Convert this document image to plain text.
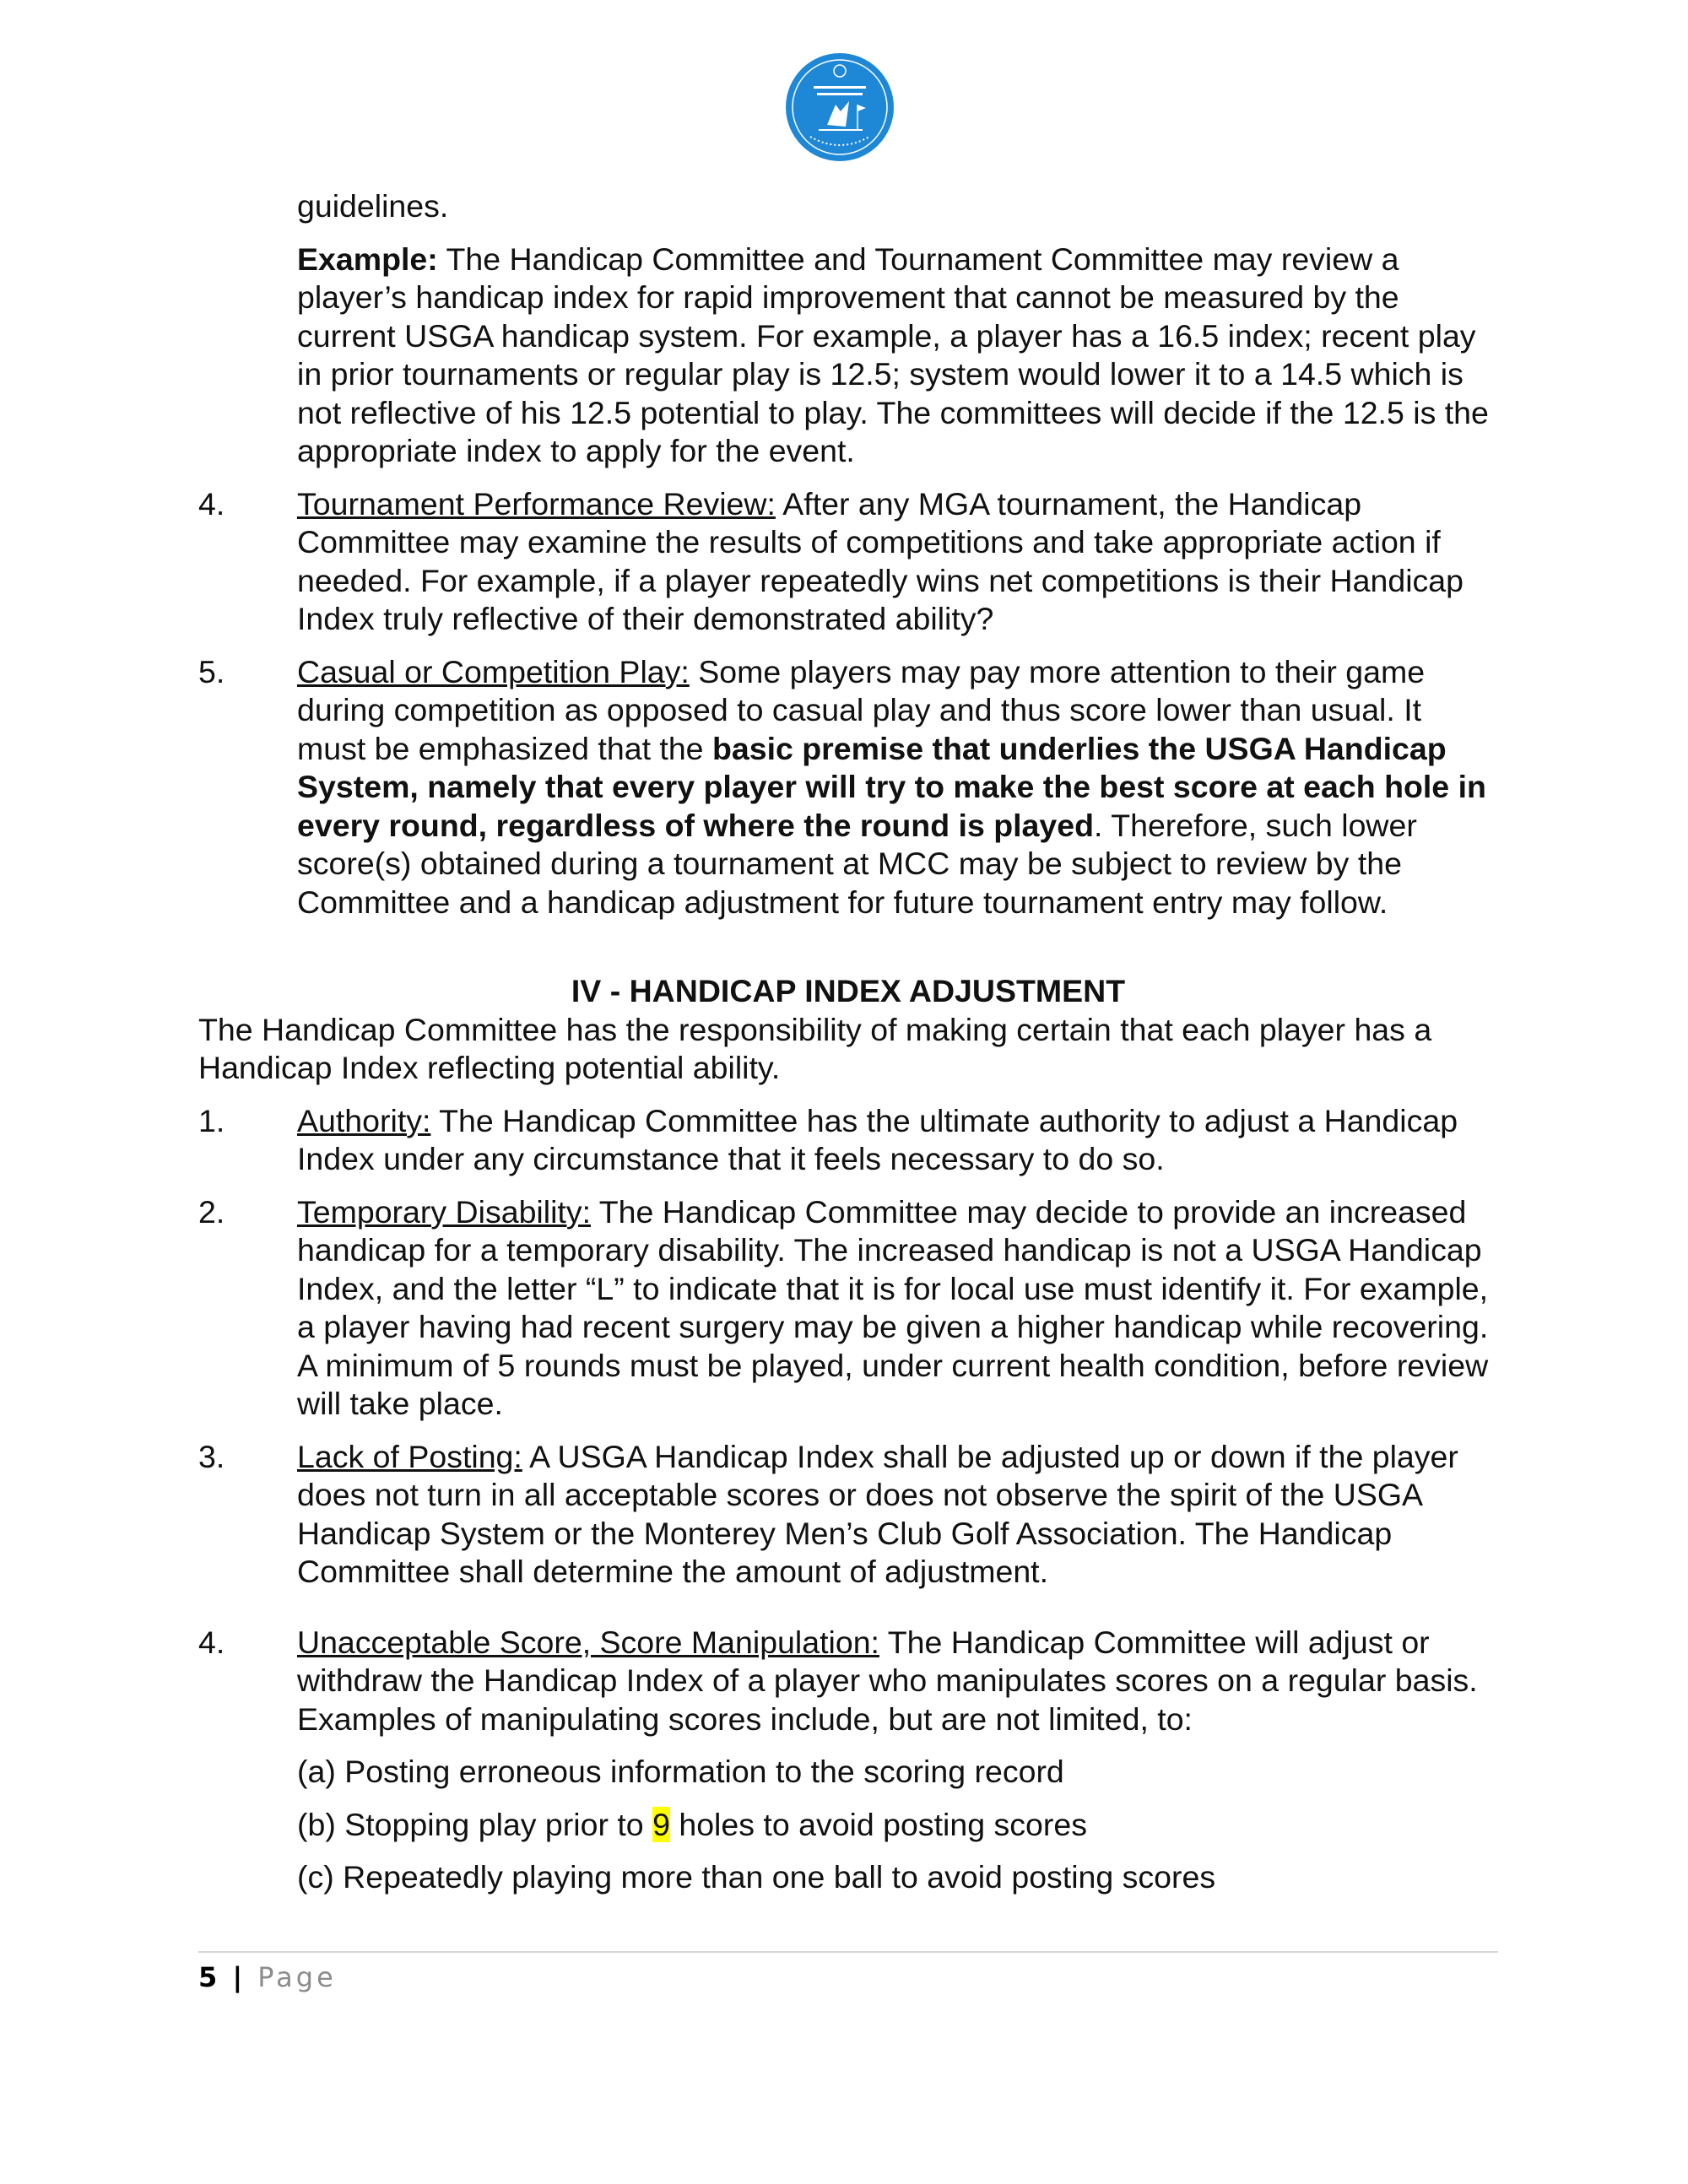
guidelines.

Example: The Handicap Committee and Tournament Committee may review a player’s handicap index for rapid improvement that cannot be measured by the current USGA handicap system. For example, a player has a 16.5 index; recent play in prior tournaments or regular play is 12.5; system would lower it to a 14.5 which is not reflective of his 12.5 potential to play. The committees will decide if the 12.5 is the appropriate index to apply for the event.

4. Tournament Performance Review: After any MGA tournament, the Handicap Committee may examine the results of competitions and take appropriate action if needed. For example, if a player repeatedly wins net competitions is their Handicap Index truly reflective of their demonstrated ability?
5. Casual or Competition Play: Some players may pay more attention to their game during competition as opposed to casual play and thus score lower than usual. It must be emphasized that the basic premise that underlies the USGA Handicap System, namely that every player will try to make the best score at each hole in every round, regardless of where the round is played. Therefore, such lower score(s) obtained during a tournament at MCC may be subject to review by the Committee and a handicap adjustment for future tournament entry may follow.

IV - HANDICAP INDEX ADJUSTMENT

The Handicap Committee has the responsibility of making certain that each player has a Handicap Index reflecting potential ability.

1. Authority: The Handicap Committee has the ultimate authority to adjust a Handicap Index under any circumstance that it feels necessary to do so.
2. Temporary Disability: The Handicap Committee may decide to provide an increased handicap for a temporary disability. The increased handicap is not a USGA Handicap Index, and the letter “L” to indicate that it is for local use must identify it. For example, a player having had recent surgery may be given a higher handicap while recovering. A minimum of 5 rounds must be played, under current health condition, before review will take place.
3. Lack of Posting: A USGA Handicap Index shall be adjusted up or down if the player does not turn in all acceptable scores or does not observe the spirit of the USGA Handicap System or the Monterey Men’s Club Golf Association. The Handicap Committee shall determine the amount of adjustment.
4. Unacceptable Score, Score Manipulation: The Handicap Committee will adjust or withdraw the Handicap Index of a player who manipulates scores on a regular basis. Examples of manipulating scores include, but are not limited, to:

(a) Posting erroneous information to the scoring record

(b) Stopping play prior to 9 holes to avoid posting scores

(c) Repeatedly playing more than one ball to avoid posting scores

5 | Page
